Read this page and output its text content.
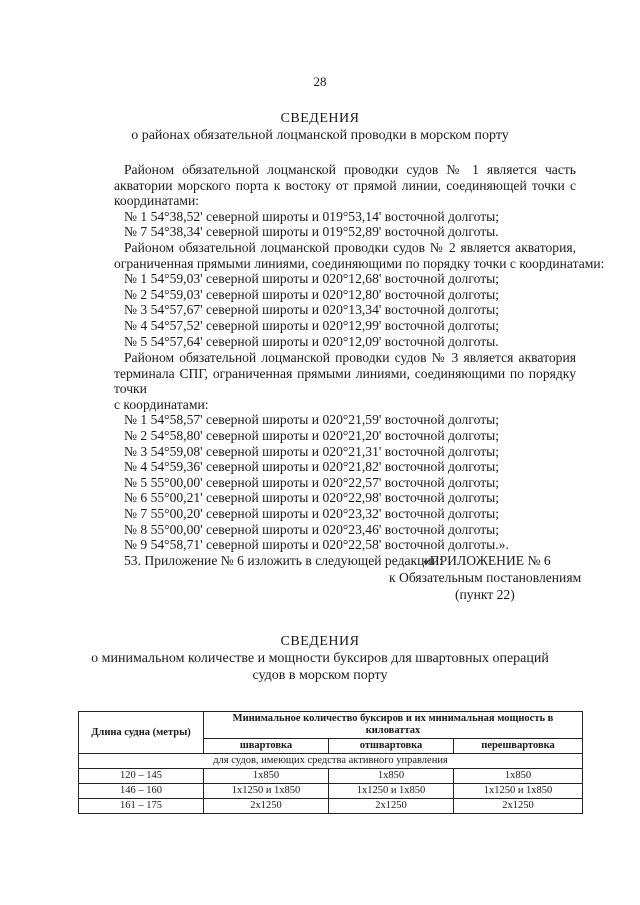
28
СВЕДЕНИЯ
о районах обязательной лоцманской проводки в морском порту

Районом обязательной лоцманской проводки судов № 1 является часть

акватории морского порта к востоку от прямой линии, соединяющей точки с

координатами:

№ 1 54°38,52' северной широты и 019°53,14' восточной долготы;

№ 7 54°38,34' северной широты и 019°52,89' восточной долготы.

Районом обязательной лоцманской проводки судов № 2 является акватория,

ограниченная прямыми линиями, соединяющими по порядку точки с координатами:

№ 1 54°59,03' северной широты и 020°12,68' восточной долготы;

№ 2 54°59,03' северной широты и 020°12,80' восточной долготы;

№ 3 54°57,67' северной широты и 020°13,34' восточной долготы;

№ 4 54°57,52' северной широты и 020°12,99' восточной долготы;

№ 5 54°57,64' северной широты и 020°12,09' восточной долготы.

Районом обязательной лоцманской проводки судов № 3 является акватория

терминала СПГ, ограниченная прямыми линиями, соединяющими по порядку точки

с координатами:

№ 1 54°58,57' северной широты и 020°21,59' восточной долготы;

№ 2 54°58,80' северной широты и 020°21,20' восточной долготы;

№ 3 54°59,08' северной широты и 020°21,31' восточной долготы;

№ 4 54°59,36' северной широты и 020°21,82' восточной долготы;

№ 5 55°00,00' северной широты и 020°22,57' восточной долготы;

№ 6 55°00,21' северной широты и 020°22,98' восточной долготы;

№ 7 55°00,20' северной широты и 020°23,32' восточной долготы;

№ 8 55°00,00' северной широты и 020°23,46' восточной долготы;

№ 9 54°58,71' северной широты и 020°22,58' восточной долготы.».

53. Приложение № 6 изложить в следующей редакции:

«ПРИЛОЖЕНИЕ № 6
к Обязательным постановлениям
(пункт 22)
СВЕДЕНИЯ
о минимальном количестве и мощности буксиров для швартовных операций
судов в морском порту
Длина судна (метры)	Минимальное количество буксиров и их минимальная мощность в киловаттах		
	швартовка	отшвартовка	перешвартовка
для судов, имеющих средства активного управления			
120 – 145	1x850	1x850	1x850
146 – 160	1x1250 и 1x850	1x1250 и 1x850	1x1250 и 1x850
161 – 175	2x1250	2x1250	2x1250
